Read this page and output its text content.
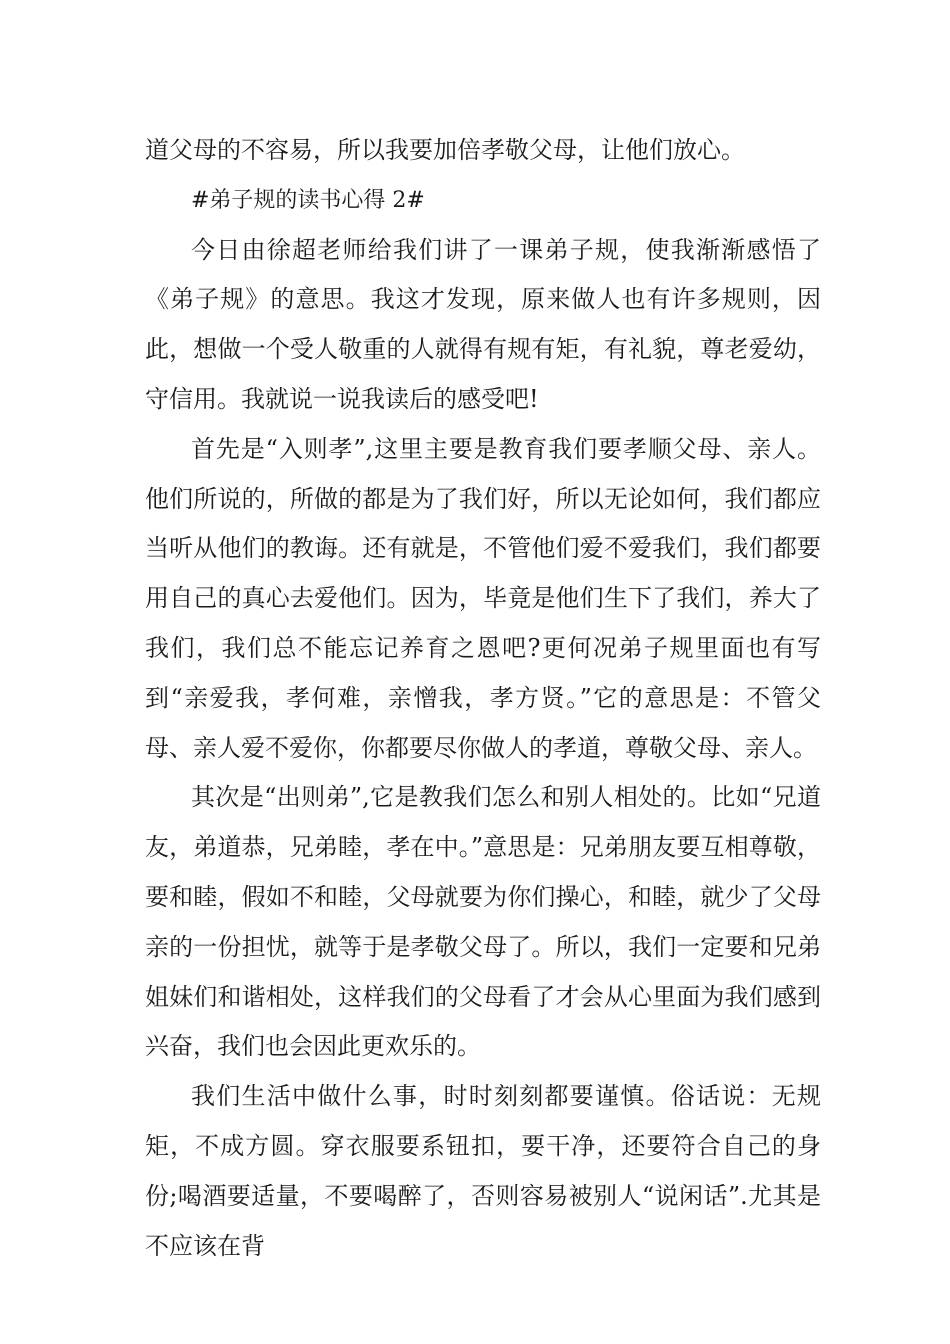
道父母的不容易，所以我要加倍孝敬父母，让他们放心。

#弟子规的读书心得 2#

今日由徐超老师给我们讲了一课弟子规，使我渐渐感悟了《弟子规》的意思。我这才发现，原来做人也有许多规则，因此，想做一个受人敬重的人就得有规有矩，有礼貌，尊老爱幼，守信用。我就说一说我读后的感受吧!

首先是“入则孝”,这里主要是教育我们要孝顺父母、亲人。他们所说的，所做的都是为了我们好，所以无论如何，我们都应当听从他们的教诲。还有就是，不管他们爱不爱我们，我们都要用自己的真心去爱他们。因为，毕竟是他们生下了我们，养大了我们，我们总不能忘记养育之恩吧?更何况弟子规里面也有写到“亲爱我，孝何难，亲憎我，孝方贤。”它的意思是：不管父母、亲人爱不爱你，你都要尽你做人的孝道，尊敬父母、亲人。

其次是“出则弟”,它是教我们怎么和别人相处的。比如“兄道友，弟道恭，兄弟睦，孝在中。”意思是：兄弟朋友要互相尊敬，要和睦，假如不和睦，父母就要为你们操心，和睦，就少了父母亲的一份担忧，就等于是孝敬父母了。所以，我们一定要和兄弟姐妹们和谐相处，这样我们的父母看了才会从心里面为我们感到兴奋，我们也会因此更欢乐的。

我们生活中做什么事，时时刻刻都要谨慎。俗话说：无规矩，不成方圆。穿衣服要系钮扣，要干净，还要符合自己的身份;喝酒要适量，不要喝醉了，否则容易被别人“说闲话”.尤其是不应该在背
